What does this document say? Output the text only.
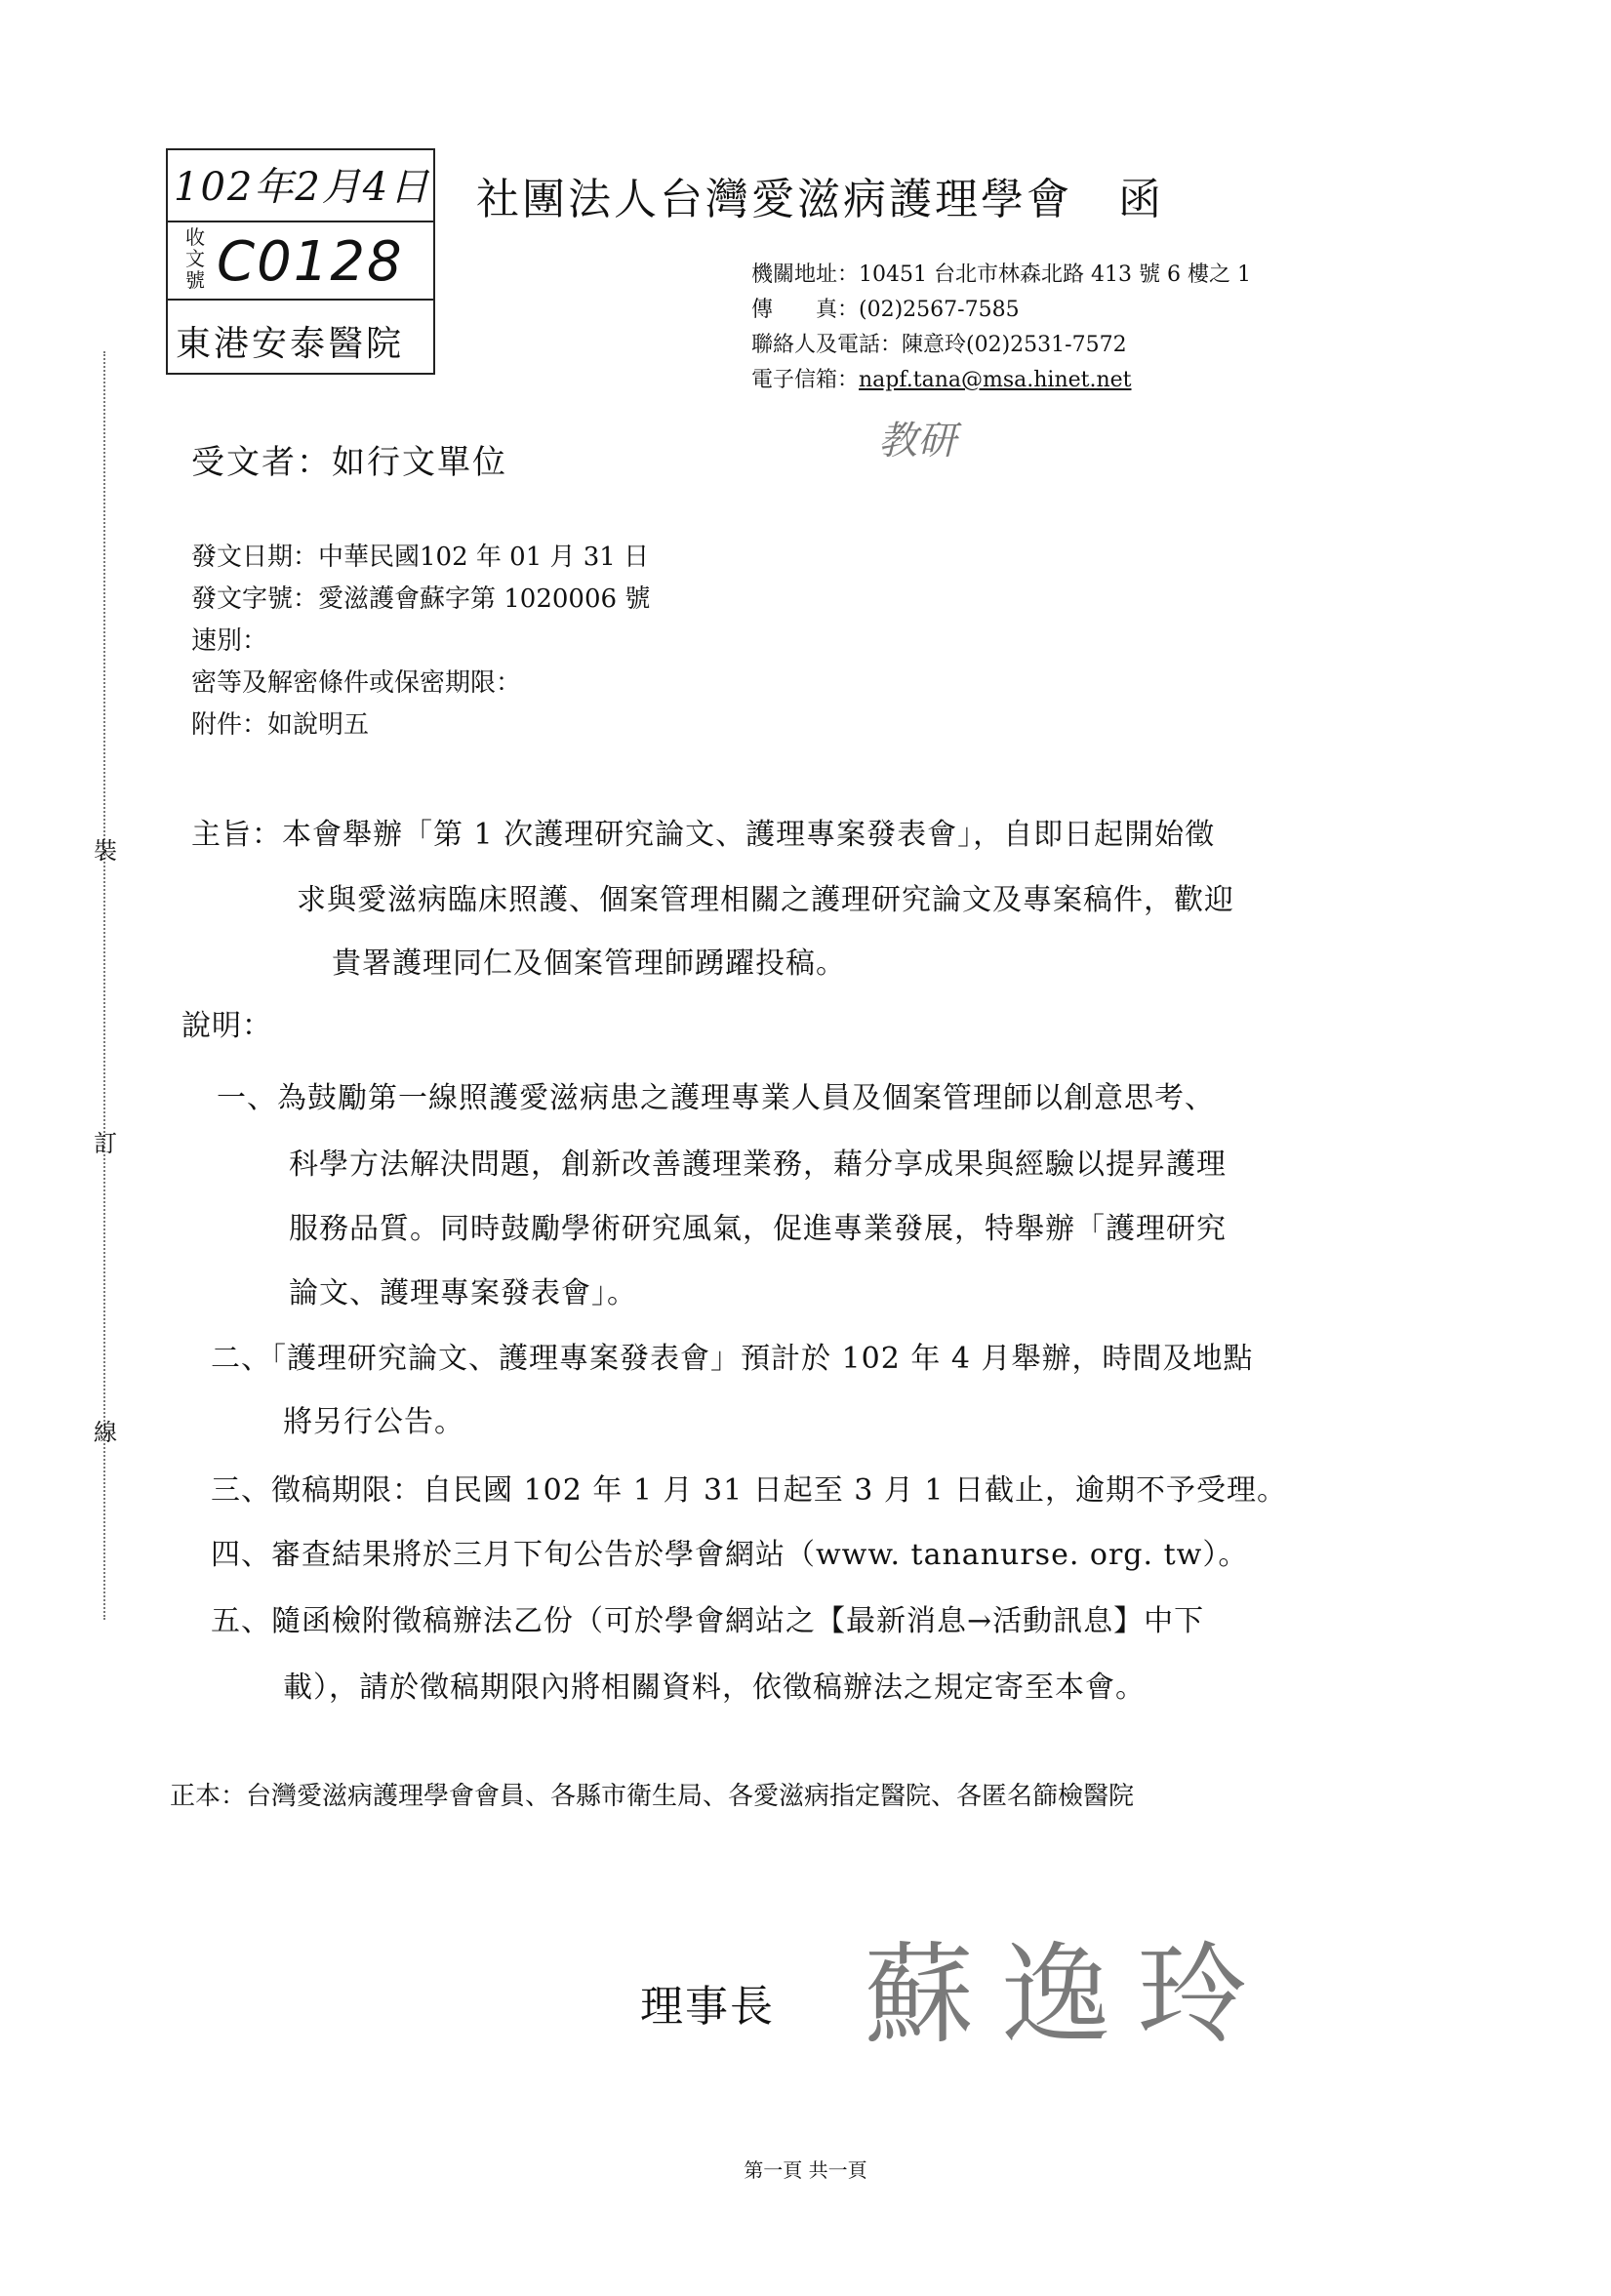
裝
訂
線
102年2月4日
收文號 C0128
東港安泰醫院
社團法人台灣愛滋病護理學會　函
機關地址：10451 台北市林森北路 413 號 6 樓之 1
傳　　真：(02)2567-7585
聯絡人及電話：陳意玲(02)2531-7572
電子信箱：napf.tana@msa.hinet.net
教研
受文者：如行文單位
發文日期：中華民國102 年 01 月 31 日
發文字號：愛滋護會蘇字第 1020006 號
速別：
密等及解密條件或保密期限：
附件：如說明五
主旨：本會舉辦「第 1 次護理研究論文、護理專案發表會」，自即日起開始徵
求與愛滋病臨床照護、個案管理相關之護理研究論文及專案稿件，歡迎
貴署護理同仁及個案管理師踴躍投稿。
說明：
一、為鼓勵第一線照護愛滋病患之護理專業人員及個案管理師以創意思考、
科學方法解決問題，創新改善護理業務，藉分享成果與經驗以提昇護理
服務品質。同時鼓勵學術研究風氣，促進專業發展，特舉辦「護理研究
論文、護理專案發表會」。
二、「護理研究論文、護理專案發表會」預計於 102 年 4 月舉辦，時間及地點
將另行公告。
三、徵稿期限：自民國 102 年 1 月 31 日起至 3 月 1 日截止，逾期不予受理。
四、審查結果將於三月下旬公告於學會網站（www. tananurse. org. tw）。
五、隨函檢附徵稿辦法乙份（可於學會網站之【最新消息→活動訊息】中下
載），請於徵稿期限內將相關資料，依徵稿辦法之規定寄至本會。
正本：台灣愛滋病護理學會會員、各縣市衛生局、各愛滋病指定醫院、各匿名篩檢醫院
理事長 蘇逸玲
第一頁 共一頁
